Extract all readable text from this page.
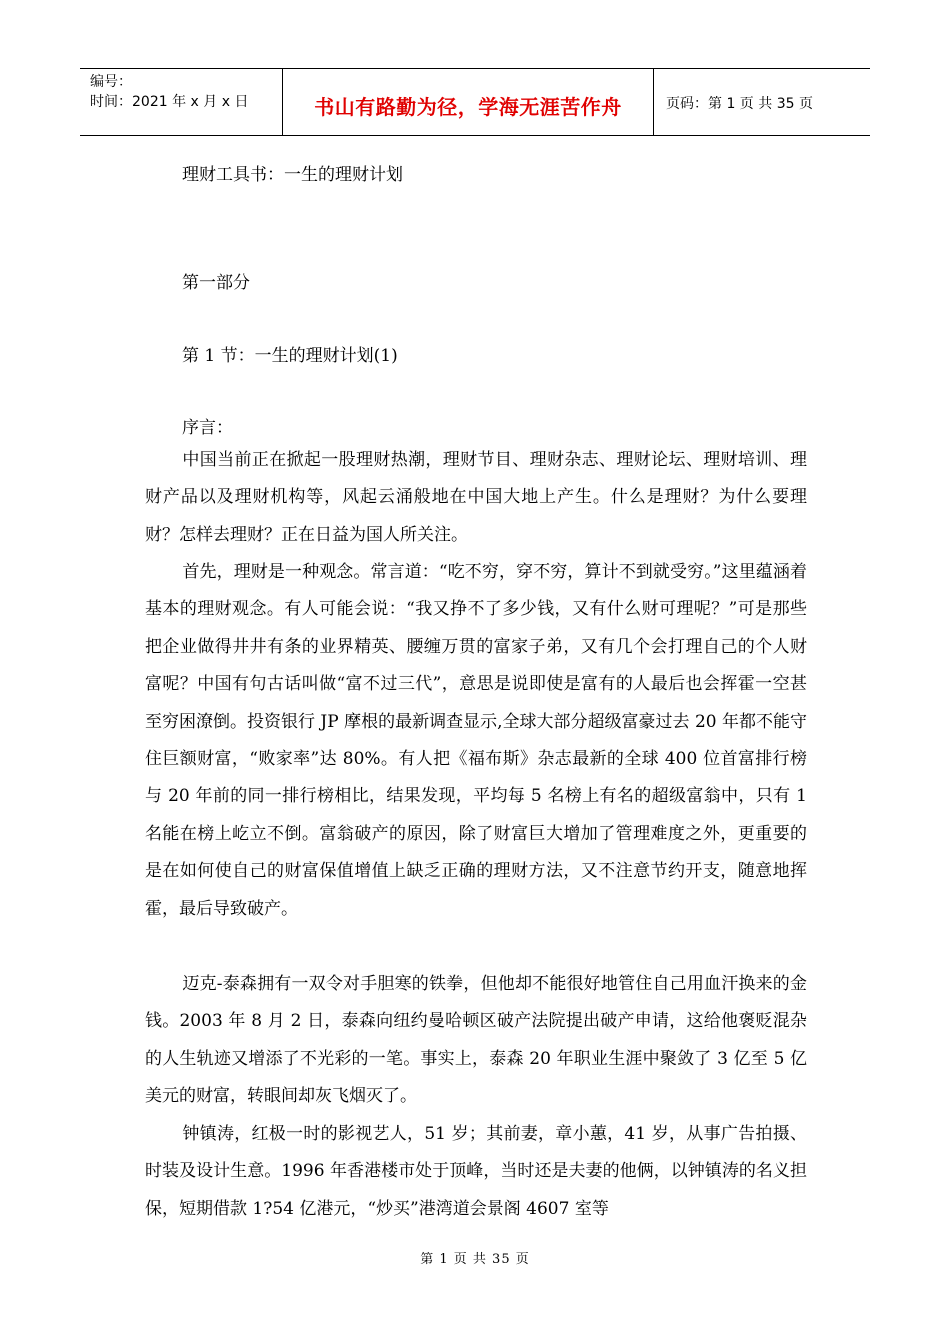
编号：
时间：2021 年 x 月 x 日	书山有路勤为径，学海无涯苦作舟	页码：第 1 页 共 35 页
理财工具书：一生的理财计划
第一部分
第 1 节：一生的理财计划(1)
序言：
中国当前正在掀起一股理财热潮，理财节目、理财杂志、理财论坛、理财培训、理财产品以及理财机构等，风起云涌般地在中国大地上产生。什么是理财？为什么要理财？怎样去理财？正在日益为国人所关注。
首先，理财是一种观念。常言道：“吃不穷，穿不穷，算计不到就受穷。”这里蕴涵着基本的理财观念。有人可能会说：“我又挣不了多少钱，又有什么财可理呢？”可是那些把企业做得井井有条的业界精英、腰缠万贯的富家子弟，又有几个会打理自己的个人财富呢？中国有句古话叫做“富不过三代”，意思是说即使是富有的人最后也会挥霍一空甚至穷困潦倒。投资银行 JP 摩根的最新调查显示,全球大部分超级富豪过去 20 年都不能守住巨额财富，“败家率”达 80%。有人把《福布斯》杂志最新的全球 400 位首富排行榜与 20 年前的同一排行榜相比，结果发现，平均每 5 名榜上有名的超级富翁中，只有 1 名能在榜上屹立不倒。富翁破产的原因，除了财富巨大增加了管理难度之外，更重要的是在如何使自己的财富保值增值上缺乏正确的理财方法，又不注意节约开支，随意地挥霍，最后导致破产。
迈克-泰森拥有一双令对手胆寒的铁拳，但他却不能很好地管住自己用血汗换来的金钱。2003 年 8 月 2 日，泰森向纽约曼哈顿区破产法院提出破产申请，这给他褒贬混杂的人生轨迹又增添了不光彩的一笔。事实上，泰森 20 年职业生涯中聚敛了 3 亿至 5 亿美元的财富，转眼间却灰飞烟灭了。
钟镇涛，红极一时的影视艺人，51 岁；其前妻，章小蕙，41 岁，从事广告拍摄、时装及设计生意。1996 年香港楼市处于顶峰，当时还是夫妻的他俩，以钟镇涛的名义担保，短期借款 1?54 亿港元，“炒买”港湾道会景阁 4607 室等
第 1 页 共 35 页
